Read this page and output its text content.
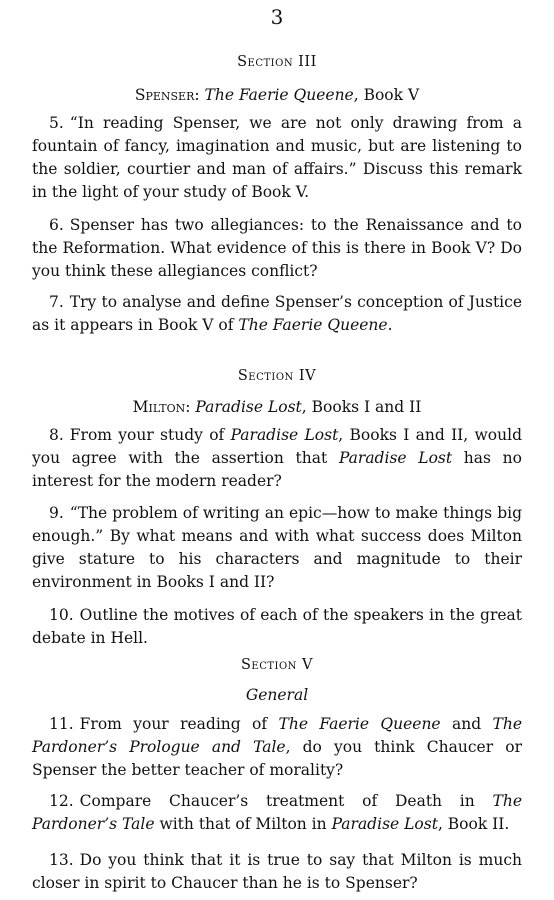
3
Section III
Spenser: The Faerie Queene, Book V

5. “In reading Spenser, we are not only drawing from a fountain of fancy, imagination and music, but are listening to the soldier, courtier and man of affairs.” Discuss this remark in the light of your study of Book V.

6. Spenser has two allegiances: to the Renaissance and to the Reformation. What evidence of this is there in Book V? Do you think these allegiances conflict?

7. Try to analyse and define Spenser’s conception of Justice as it appears in Book V of The Faerie Queene.

Section IV
Milton: Paradise Lost, Books I and II

8. From your study of Paradise Lost, Books I and II, would you agree with the assertion that Paradise Lost has no interest for the modern reader?

9. “The problem of writing an epic—how to make things big enough.” By what means and with what success does Milton give stature to his characters and magnitude to their environment in Books I and II?

10. Outline the motives of each of the speakers in the great debate in Hell.

Section V
General

11. From your reading of The Faerie Queene and The Pardoner’s Prologue and Tale, do you think Chaucer or Spenser the better teacher of morality?

12. Compare Chaucer’s treatment of Death in The Pardoner’s Tale with that of Milton in Paradise Lost, Book II.

13. Do you think that it is true to say that Milton is much closer in spirit to Chaucer than he is to Spenser?
